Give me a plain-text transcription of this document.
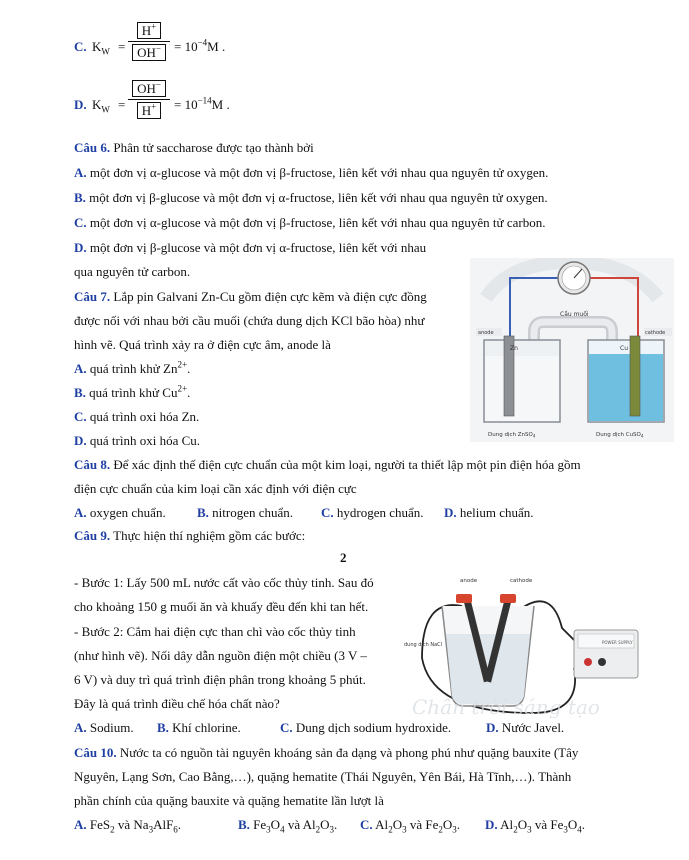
C. $K_W = \frac{H^+}{OH^-} = 10^{-4}M$ .
D. $K_W = \frac{OH^-}{H^+} = 10^{-14}M$ .
Câu 6. Phân tử saccharose được tạo thành bởi
A. một đơn vị α-glucose và một đơn vị β-fructose, liên kết với nhau qua nguyên tử oxygen.
B. một đơn vị β-glucose và một đơn vị α-fructose, liên kết với nhau qua nguyên tử oxygen.
C. một đơn vị α-glucose và một đơn vị β-fructose, liên kết với nhau qua nguyên tử carbon.
D. một đơn vị β-glucose và một đơn vị α-fructose, liên kết với nhau
qua nguyên tử carbon.
Câu 7. Lắp pin Galvani Zn-Cu gồm điện cực kẽm và điện cực đồng
được nối với nhau bởi cầu muối (chứa dung dịch KCl bão hòa) như
hình vẽ. Quá trình xảy ra ở điện cực âm, anode là
A. quá trình khử $Zn^{2+}$.
B. quá trình khử $Cu^{2+}$.
C. quá trình oxi hóa Zn.
D. quá trình oxi hóa Cu.
Cầu muối
anode	cathode
Zn	Cu
Dung dịch ZnSO$_4$	Dung dịch CuSO$_4$
Câu 8. Để xác định thế điện cực chuẩn của một kim loại, người ta thiết lập một pin điện hóa gồm
điện cực chuẩn của kim loại cần xác định với điện cực
A. oxygen chuẩn. B. nitrogen chuẩn. C. hydrogen chuẩn. D. helium chuẩn.
Câu 9. Thực hiện thí nghiệm gồm các bước:
2
- Bước 1: Lấy 500 mL nước cất vào cốc thủy tinh. Sau đó
cho khoảng 150 g muối ăn và khuấy đều đến khi tan hết.
- Bước 2: Cắm hai điện cực than chì vào cốc thủy tinh
(như hình vẽ). Nối dây dẫn nguồn điện một chiều (3 V –
6 V) và duy trì quá trình điện phân trong khoảng 5 phút.
Đây là quá trình điều chế hóa chất nào?
A. Sodium. B. Khí chlorine.	C. Dung dịch sodium hydroxide.	D. Nước Javel.
POWER SUPPLY
anode	cathode
dung dịch NaCl
Chân trời sáng tạo
Câu 10. Nước ta có nguồn tài nguyên khoáng sản đa dạng và phong phú như quặng bauxite (Tây
Nguyên, Lạng Sơn, Cao Bằng,…), quặng hematite (Thái Nguyên, Yên Bái, Hà Tĩnh,…). Thành
phần chính của quặng bauxite và quặng hematite lần lượt là
A. FeS$_2$ và $Na_3AlF_6$.	B. $Fe_3O_4$ và $Al_2O_3$. C. $Al_2O_3$ và $Fe_2O_3$. D. $Al_2O_3$ và $Fe_3O_4$.
